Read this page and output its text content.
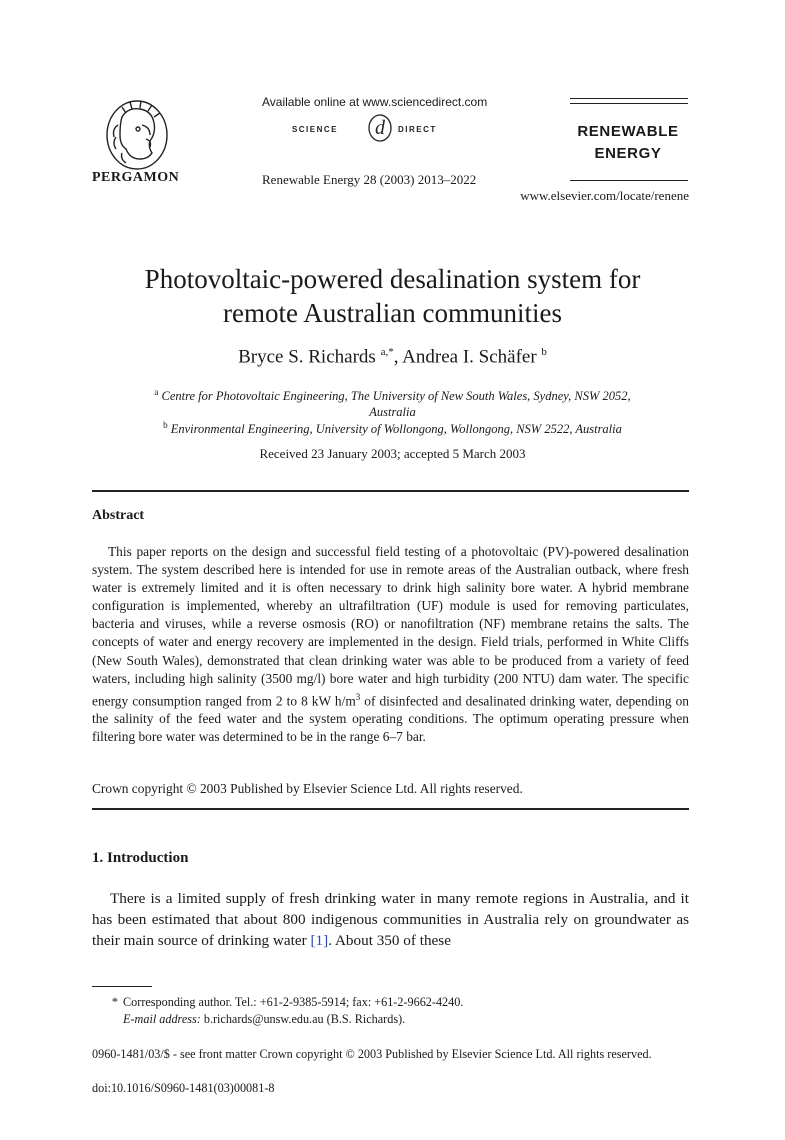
PERGAMON
Available online at www.sciencedirect.com
SCIENCE d DIRECT
Renewable Energy 28 (2003) 2013–2022
RENEWABLE
ENERGY
www.elsevier.com/locate/renene
Photovoltaic-powered desalination system for
remote Australian communities
Bryce S. Richards $^{a,*}$, Andrea I. Schäfer $^b$
$^a$ Centre for Photovoltaic Engineering, The University of New South Wales, Sydney, NSW 2052,
Australia
$^b$ Environmental Engineering, University of Wollongong, Wollongong, NSW 2522, Australia
Received 23 January 2003; accepted 5 March 2003
Abstract
This paper reports on the design and successful field testing of a photovoltaic (PV)-powered desalination system. The system described here is intended for use in remote areas of the Australian outback, where fresh water is extremely limited and it is often necessary to drink high salinity bore water. A hybrid membrane configuration is implemented, whereby an ultrafiltration (UF) module is used for removing particulates, bacteria and viruses, while a reverse osmosis (RO) or nanofiltration (NF) membrane retains the salts. The concepts of water and energy recovery are implemented in the design. Field trials, performed in White Cliffs (New South Wales), demonstrated that clean drinking water was able to be produced from a variety of feed waters, including high salinity (3500 mg/l) bore water and high turbidity (200 NTU) dam water. The specific energy consumption ranged from 2 to 8 kW $h/m^3$ of disinfected and desalinated drinking water, depending on the salinity of the feed water and the system operating conditions. The optimum operating pressure when filtering bore water was determined to be in the range 6–7 bar.
Crown copyright © 2003 Published by Elsevier Science Ltd. All rights reserved.
1. Introduction
There is a limited supply of fresh drinking water in many remote regions in Australia, and it has been estimated that about 800 indigenous communities in Australia rely on groundwater as their main source of drinking water [1]. About 350 of these
* Corresponding author. Tel.: +61-2-9385-5914; fax: +61-2-9662-4240.
E-mail address: b.richards@unsw.edu.au (B.S. Richards).
0960-1481/03/$ - see front matter Crown copyright © 2003 Published by Elsevier Science Ltd. All rights reserved.
doi:10.1016/S0960-1481(03)00081-8
